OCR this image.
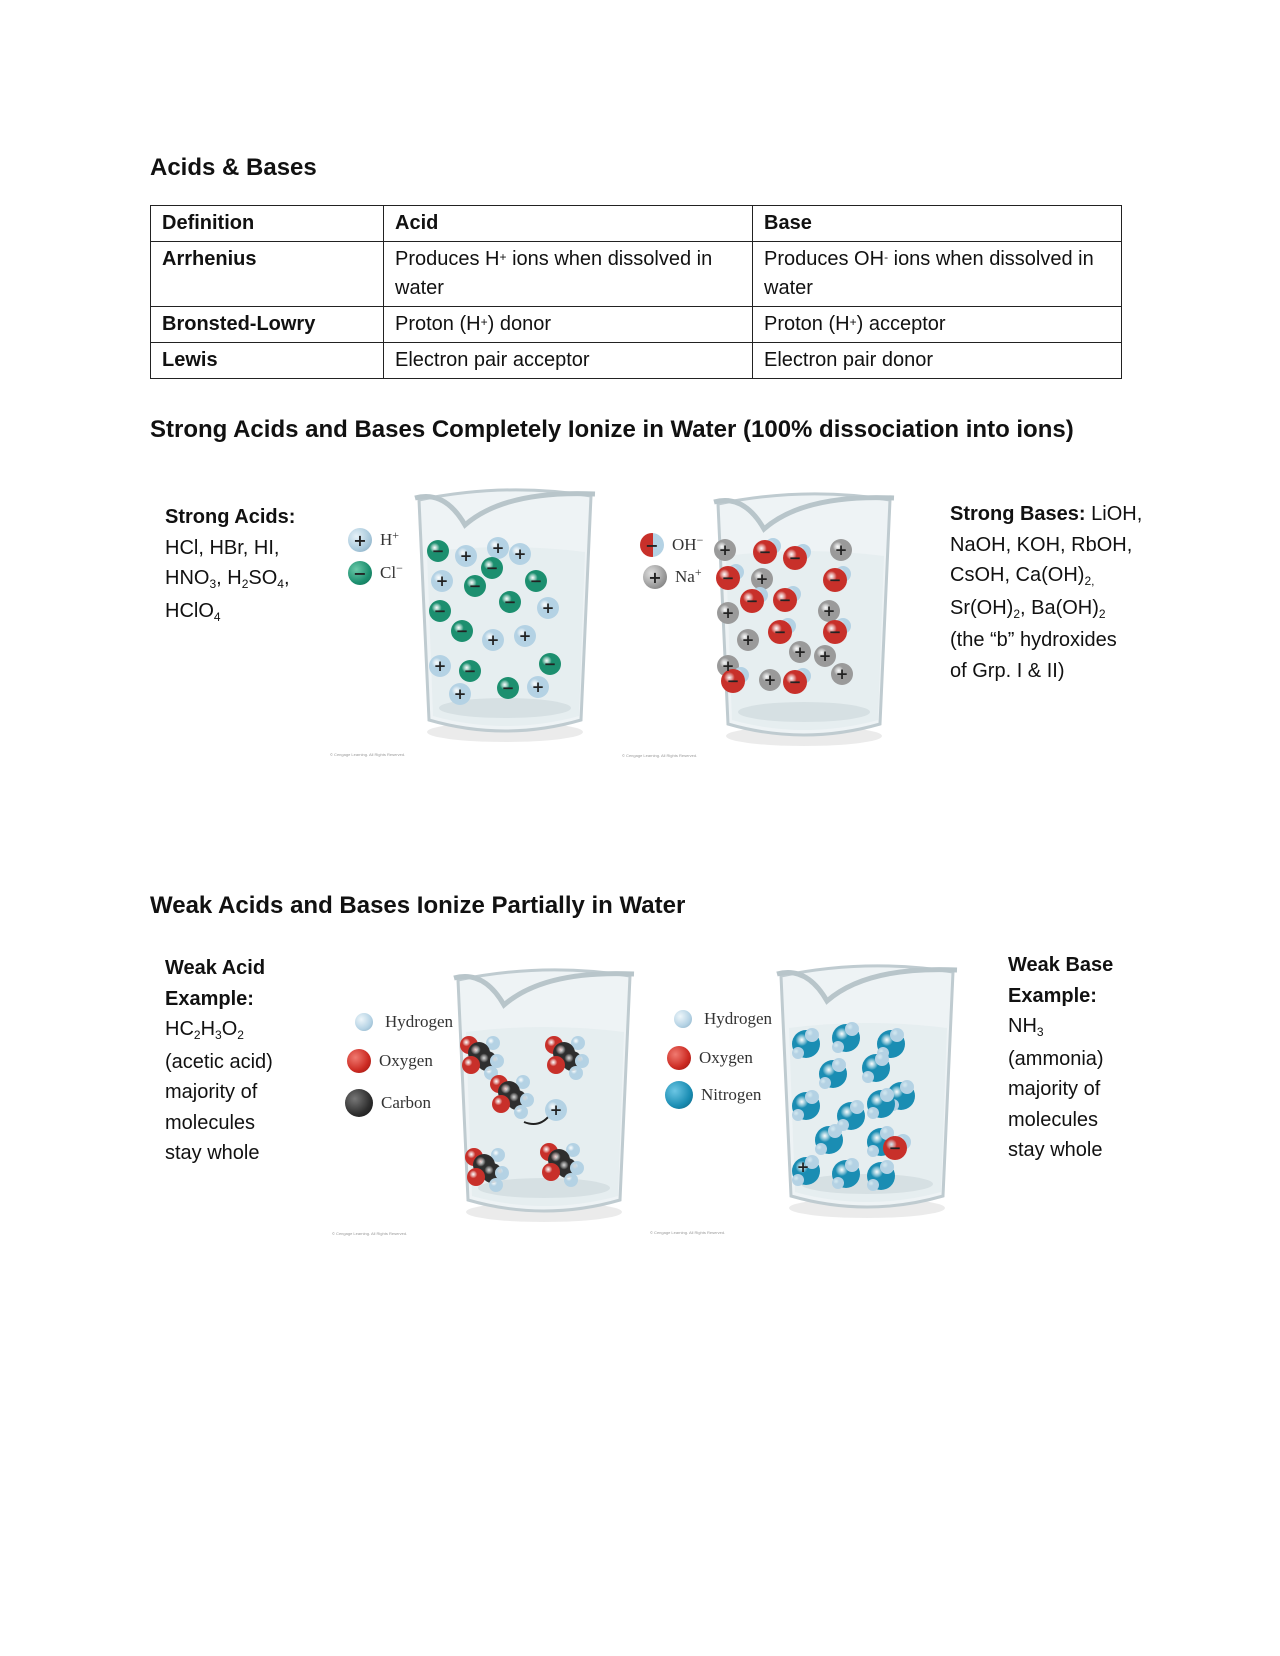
Acids & Bases
Definition	Acid	Base
Arrhenius	Produces H+ ions when dissolved in water	Produces OH- ions when dissolved in water
Bronsted-Lowry	Proton (H+) donor	Proton (H+) acceptor
Lewis	Electron pair acceptor	Electron pair donor
Strong Acids and Bases Completely Ionize in Water (100% dissociation into ions)
Strong Acids:
HCl, HBr, HI,
$HNO_3$, $H_2SO_4$,
HClO$_4$
Strong Bases: LiOH,
NaOH, KOH, RbOH,
CsOH, $Ca(OH)_{2,}$
$Sr(OH)_2$, $Ba(OH)_2$
(the “b” hydroxides
of Grp. I & II)
+ H+
− Cl−
− OH−
+ Na+
− + + +
−
+ −	−
− +
−
− + +
−
+ −
−
+	+
+	+
+
+	+
+
+
+
+	+
+
− −
−	−
− −
−	−
−	−
© Cengage Learning. All Rights Reserved.	© Cengage Learning. All Rights Reserved.
Weak Acids and Bases Ionize Partially in Water
Weak Acid
Example:
$HC_2H_3O_2$
(acetic acid)
majority of
molecules
stay whole
Weak Base
Example:
$NH_3$
(ammonia)
majority of
molecules
stay whole
Hydrogen
Oxygen
Carbon
Hydrogen
Oxygen
Nitrogen
+
−
+
© Cengage Learning. All Rights Reserved.	© Cengage Learning. All Rights Reserved.
